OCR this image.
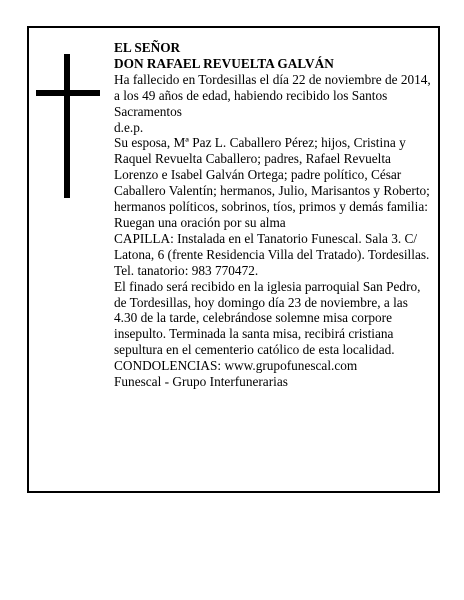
EL SEÑOR

DON RAFAEL REVUELTA GALVÁN

Ha fallecido en Tordesillas el día 22 de noviembre de 2014, a los 49 años de edad, habiendo recibido los Santos Sacramentos

d.e.p.

Su esposa, Mª Paz L. Caballero Pérez; hijos, Cristina y Raquel Revuelta Caballero; padres, Rafael Revuelta Lorenzo e Isabel Galván Ortega; padre político, César Caballero Valentín; hermanos, Julio, Marisantos y Roberto; hermanos políticos, sobrinos, tíos, primos y demás familia:

Ruegan una oración por su alma

CAPILLA: Instalada en el Tanatorio Funescal. Sala 3. C/ Latona, 6 (frente Residencia Villa del Tratado). Tordesillas. Tel. tanatorio: 983 770472.

El finado será recibido en la iglesia parroquial San Pedro, de Tordesillas, hoy domingo día 23 de noviembre, a las 4.30 de la tarde, celebrándose solemne misa corpore insepulto. Terminada la santa misa, recibirá cristiana sepultura en el cementerio católico de esta localidad. CONDOLENCIAS: www.grupofunescal.com

Funescal - Grupo Interfunerarias
